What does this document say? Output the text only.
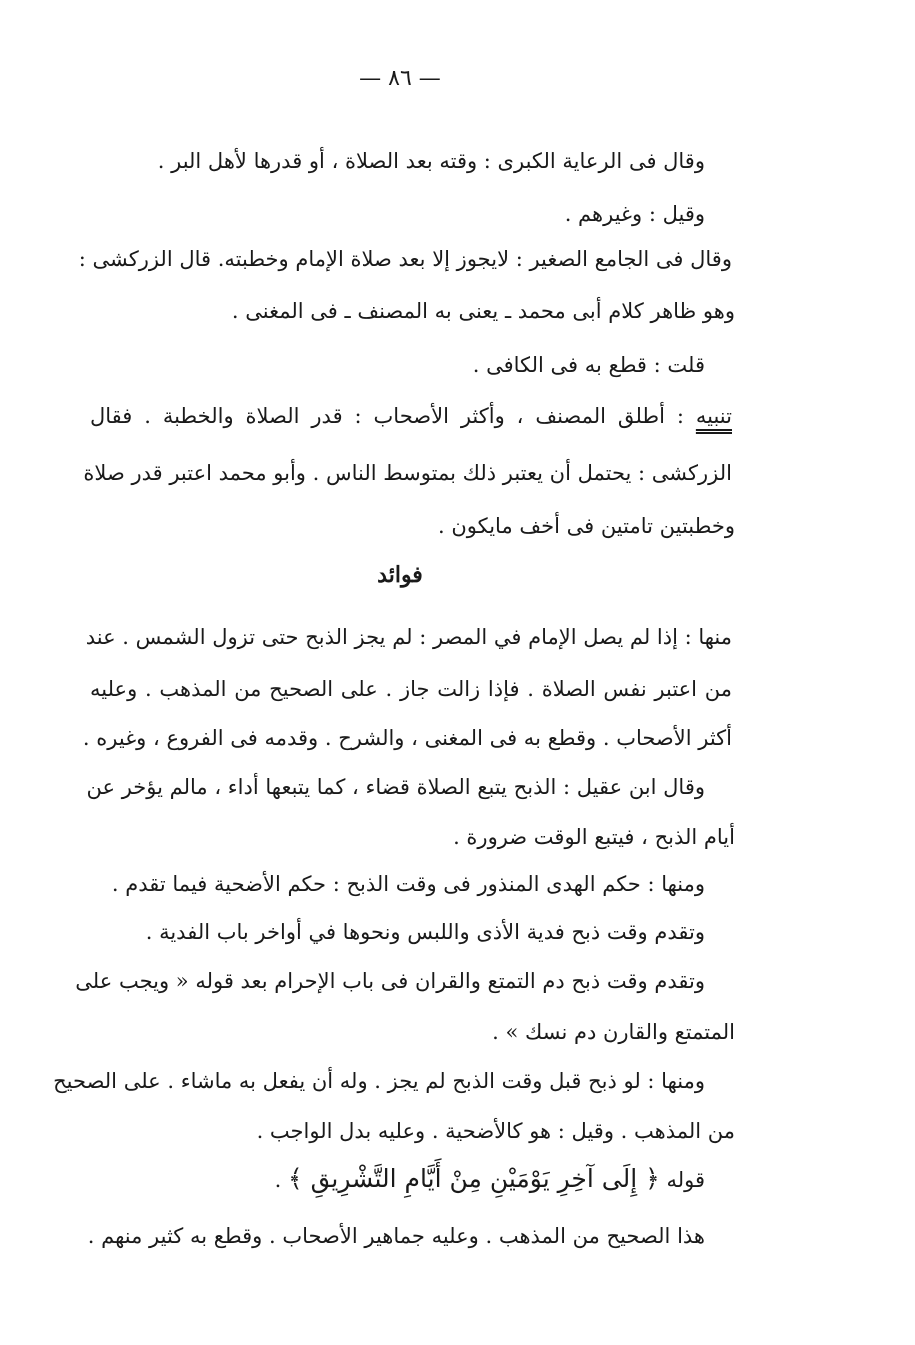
— ٨٦ —
وقال فى الرعاية الكبرى : وقته بعد الصلاة ، أو قدرها لأهل البر .
وقيل : وغيرهم .
وقال فى الجامع الصغير : لايجوز إلا بعد صلاة الإمام وخطبته. قال الزركشى :
وهو ظاهر كلام أبى محمد ـ يعنى به المصنف ـ فى المغنى .
قلت : قطع به فى الكافى .
تنبيه : أطلق المصنف ، وأكثر الأصحاب : قدر الصلاة والخطبة . فقال
الزركشى : يحتمل أن يعتبر ذلك بمتوسط الناس . وأبو محمد اعتبر قدر صلاة
وخطبتين تامتين فى أخف مايكون .
فوائد
منها : إذا لم يصل الإمام في المصر : لم يجز الذبح حتى تزول الشمس . عند
من اعتبر نفس الصلاة . فإذا زالت جاز . على الصحيح من المذهب . وعليه
أكثر الأصحاب . وقطع به فى المغنى ، والشرح . وقدمه فى الفروع ، وغيره .
وقال ابن عقيل : الذبح يتبع الصلاة قضاء ، كما يتبعها أداء ، مالم يؤخر عن
أيام الذبح ، فيتبع الوقت ضرورة .
ومنها : حكم الهدى المنذور فى وقت الذبح : حكم الأضحية فيما تقدم .
وتقدم وقت ذبح فدية الأذى واللبس ونحوها في أواخر باب الفدية .
وتقدم وقت ذبح دم التمتع والقران فى باب الإحرام بعد قوله « ويجب على
المتمتع والقارن دم نسك » .
ومنها : لو ذبح قبل وقت الذبح لم يجز . وله أن يفعل به ماشاء . على الصحيح
من المذهب . وقيل : هو كالأضحية . وعليه بدل الواجب .
قوله ﴿ إِلَى آخِرِ يَوْمَيْنِ مِنْ أَيَّامِ التَّشْرِيقِ ﴾ .
هذا الصحيح من المذهب . وعليه جماهير الأصحاب . وقطع به كثير منهم .
